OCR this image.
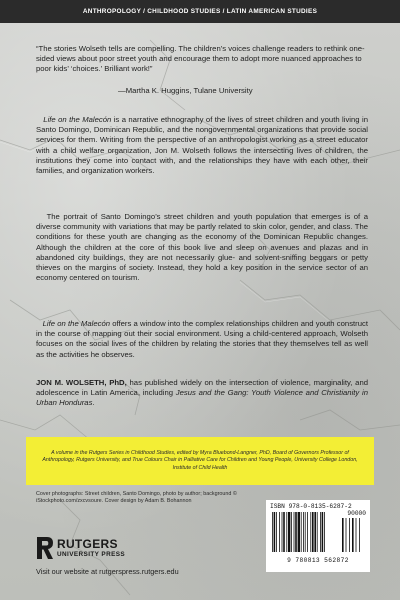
ANTHROPOLOGY / CHILDHOOD STUDIES / LATIN AMERICAN STUDIES
“The stories Wolseth tells are compelling. The children’s voices challenge readers to rethink one-sided views about poor street youth and encourage them to adopt more nuanced approaches to poor kids’ ‘choices.’ Brilliant work!”
—Martha K. Huggins, Tulane University

Life on the Malecón is a narrative ethnography of the lives of street children and youth living in Santo Domingo, Dominican Republic, and the nongovernmental organizations that provide social services for them. Writing from the perspective of an anthropologist working as a street educator with a child welfare organization, Jon M. Wolseth follows the intersecting lives of children, the institutions they come into contact with, and the relationships they have with each other, their families, and organization workers.

The portrait of Santo Domingo’s street children and youth population that emerges is of a diverse community with variations that may be partly related to skin color, gender, and class. The conditions for these youth are changing as the economy of the Dominican Republic changes. Although the children at the core of this book live and sleep on avenues and plazas and in abandoned city buildings, they are not necessarily glue- and solvent-sniffing beggars or petty thieves on the margins of society. Instead, they hold a key position in the service sector of an economy centered on tourism.

Life on the Malecón offers a window into the complex relationships children and youth construct in the course of mapping out their social environment. Using a child-centered approach, Wolseth focuses on the social lives of the children by relating the stories that they themselves tell as well as the activities he observes.

JON M. WOLSETH, PhD, has published widely on the intersection of violence, marginality, and adolescence in Latin America, including Jesus and the Gang: Youth Violence and Christianity in Urban Honduras.

A volume in the Rutgers Series in Childhood Studies, edited by Myra Bluebond-Langner, PhD, Board of Governors Professor of Anthropology, Rutgers University, and True Colours Chair in Palliative Care for Children and Young People, University College London, Institute of Child Health

Cover photographs: Street children, Santo Domingo, photo by author; background © iStockphoto.com/zxcvsoure. Cover design by Adam B. Bohannon
RUTGERS
UNIVERSITY PRESS
Visit our website at rutgerspress.rutgers.edu
ISBN 978-0-8135-6287-2
9 780813 562872
90000
